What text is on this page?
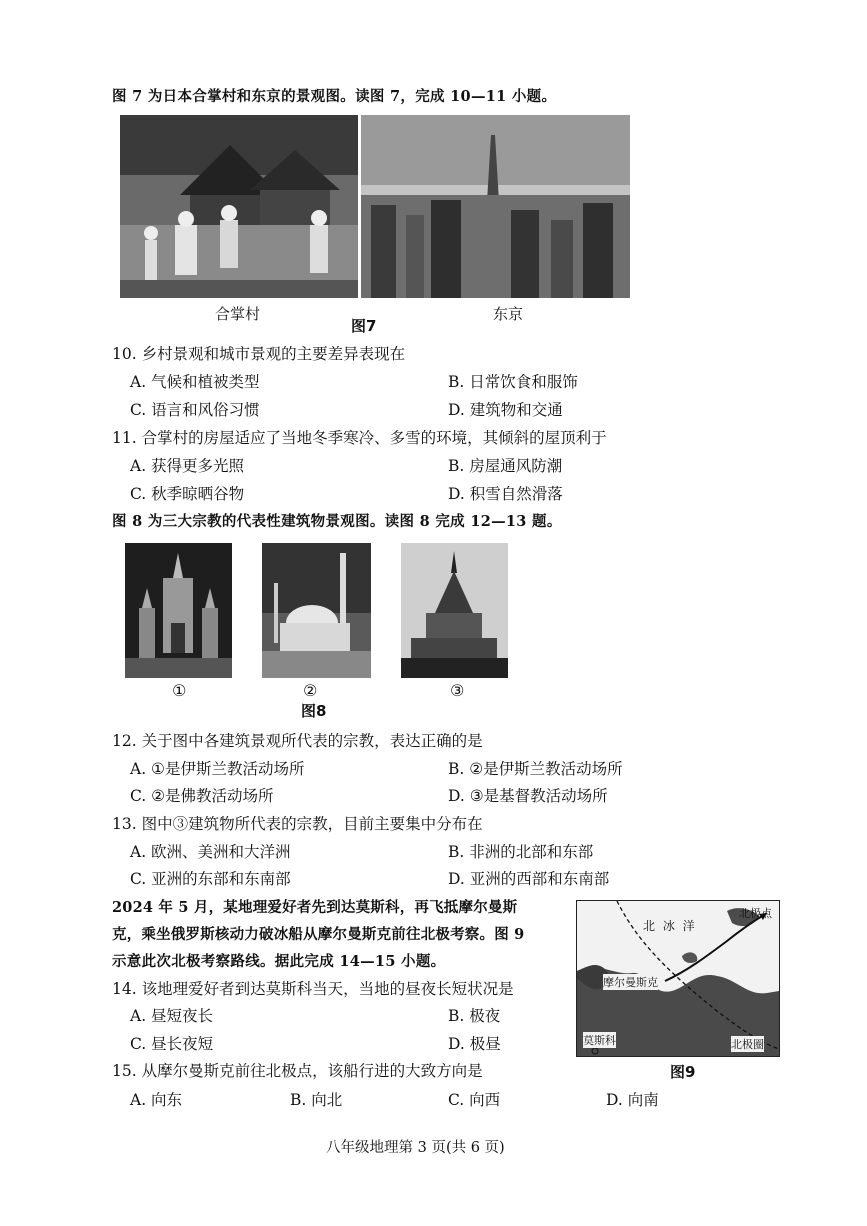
图 7 为日本合掌村和东京的景观图。读图 7，完成 10—11 小题。
合掌村	东京
图7
10. 乡村景观和城市景观的主要差异表现在
A. 气候和植被类型	B. 日常饮食和服饰
C. 语言和风俗习惯	D. 建筑物和交通
11. 合掌村的房屋适应了当地冬季寒冷、多雪的环境，其倾斜的屋顶利于
A. 获得更多光照	B. 房屋通风防潮
C. 秋季晾晒谷物	D. 积雪自然滑落
图 8 为三大宗教的代表性建筑物景观图。读图 8 完成 12—13 题。
①	②	③
图8
12. 关于图中各建筑景观所代表的宗教，表达正确的是
A. ①是伊斯兰教活动场所	B. ②是伊斯兰教活动场所
C. ②是佛教活动场所	D. ③是基督教活动场所
13. 图中③建筑物所代表的宗教，目前主要集中分布在
A. 欧洲、美洲和大洋洲	B. 非洲的北部和东部
C. 亚洲的东部和东南部	D. 亚洲的西部和东南部
2024 年 5 月，某地理爱好者先到达莫斯科，再飞抵摩尔曼斯
克，乘坐俄罗斯核动力破冰船从摩尔曼斯克前往北极考察。图 9
示意此次北极考察路线。据此完成 14—15 小题。
北 冰 洋
北极点
摩尔曼斯克
莫斯科	北极圈
图9
14. 该地理爱好者到达莫斯科当天，当地的昼夜长短状况是
A. 昼短夜长	B. 极夜
C. 昼长夜短	D. 极昼
15. 从摩尔曼斯克前往北极点，该船行进的大致方向是
A. 向东	B. 向北	C. 向西	D. 向南
八年级地理第 3 页(共 6 页)
